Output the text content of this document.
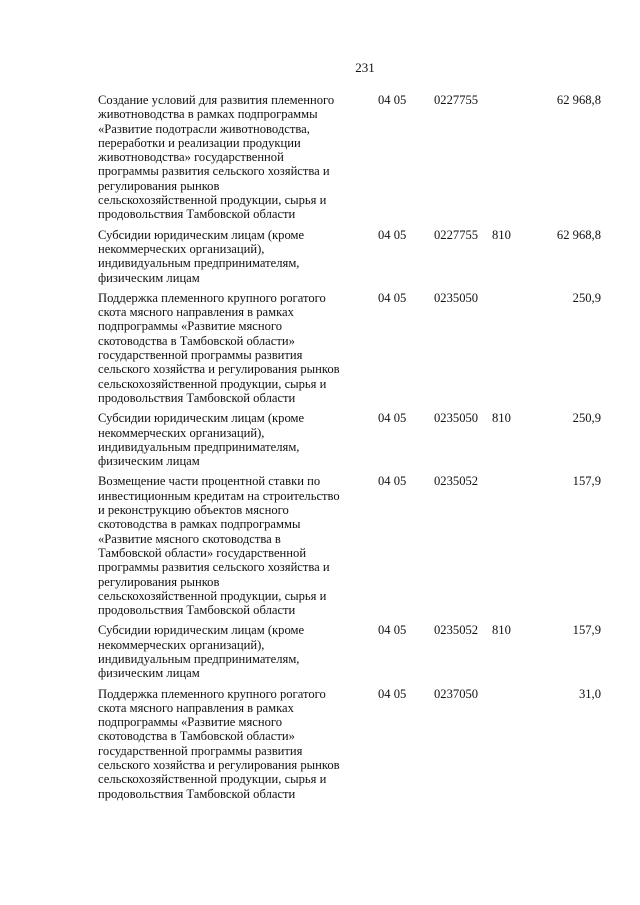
231
Создание условий для развития племенного
животноводства в рамках подпрограммы
«Развитие подотрасли животноводства,
переработки и реализации продукции
животноводства» государственной
программы развития сельского хозяйства и
регулирования рынков
сельскохозяйственной продукции, сырья и
продовольствия Тамбовской области
04 05 0227755	62 968,8
Субсидии юридическим лицам (кроме
некоммерческих организаций),
индивидуальным предпринимателям,
физическим лицам
04 05 0227755 810	62 968,8
Поддержка племенного крупного рогатого
скота мясного направления в рамках
подпрограммы «Развитие мясного
скотоводства в Тамбовской области»
государственной программы развития
сельского хозяйства и регулирования рынков
сельскохозяйственной продукции, сырья и
продовольствия Тамбовской области
04 05 0235050	250,9
Субсидии юридическим лицам (кроме
некоммерческих организаций),
индивидуальным предпринимателям,
физическим лицам
04 05 0235050 810	250,9
Возмещение части процентной ставки по
инвестиционным кредитам на строительство
и реконструкцию объектов мясного
скотоводства в рамках подпрограммы
«Развитие мясного скотоводства в
Тамбовской области» государственной
программы развития сельского хозяйства и
регулирования рынков
сельскохозяйственной продукции, сырья и
продовольствия Тамбовской области
04 05 0235052	157,9
Субсидии юридическим лицам (кроме
некоммерческих организаций),
индивидуальным предпринимателям,
физическим лицам
04 05 0235052 810	157,9
Поддержка племенного крупного рогатого
скота мясного направления в рамках
подпрограммы «Развитие мясного
скотоводства в Тамбовской области»
государственной программы развития
сельского хозяйства и регулирования рынков
сельскохозяйственной продукции, сырья и
продовольствия Тамбовской области
04 05 0237050	31,0
